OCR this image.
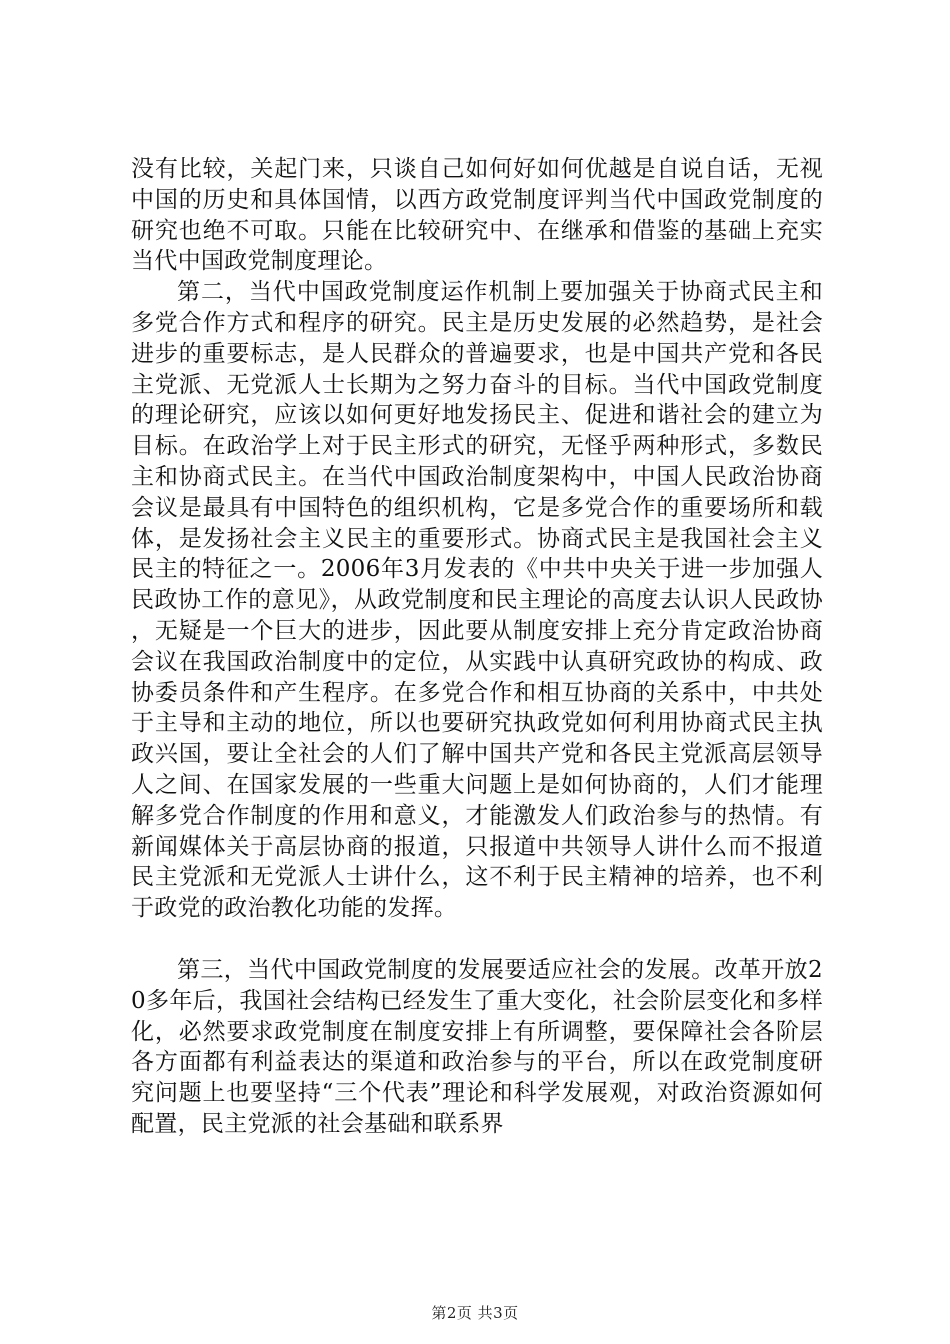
没有比较，关起门来，只谈自己如何好如何优越是自说自话，无视中国的历史和具体国情，以西方政党制度评判当代中国政党制度的研究也绝不可取。只能在比较研究中、在继承和借鉴的基础上充实当代中国政党制度理论。

第二，当代中国政党制度运作机制上要加强关于协商式民主和多党合作方式和程序的研究。民主是历史发展的必然趋势，是社会进步的重要标志，是人民群众的普遍要求，也是中国共产党和各民主党派、无党派人士长期为之努力奋斗的目标。当代中国政党制度的理论研究，应该以如何更好地发扬民主、促进和谐社会的建立为目标。在政治学上对于民主形式的研究，无怪乎两种形式，多数民主和协商式民主。在当代中国政治制度架构中，中国人民政治协商会议是最具有中国特色的组织机构，它是多党合作的重要场所和载体，是发扬社会主义民主的重要形式。协商式民主是我国社会主义民主的特征之一。2006年3月发表的《中共中央关于进一步加强人民政协工作的意见》，从政党制度和民主理论的高度去认识人民政协，无疑是一个巨大的进步，因此要从制度安排上充分肯定政治协商会议在我国政治制度中的定位，从实践中认真研究政协的构成、政协委员条件和产生程序。在多党合作和相互协商的关系中，中共处于主导和主动的地位，所以也要研究执政党如何利用协商式民主执政兴国，要让全社会的人们了解中国共产党和各民主党派高层领导人之间、在国家发展的一些重大问题上是如何协商的，人们才能理解多党合作制度的作用和意义，才能激发人们政治参与的热情。有新闻媒体关于高层协商的报道，只报道中共领导人讲什么而不报道民主党派和无党派人士讲什么，这不利于民主精神的培养，也不利于政党的政治教化功能的发挥。

第三，当代中国政党制度的发展要适应社会的发展。改革开放20多年后，我国社会结构已经发生了重大变化，社会阶层变化和多样化，必然要求政党制度在制度安排上有所调整，要保障社会各阶层各方面都有利益表达的渠道和政治参与的平台，所以在政党制度研究问题上也要坚持“三个代表”理论和科学发展观，对政治资源如何配置，民主党派的社会基础和联系界

第2页 共3页
